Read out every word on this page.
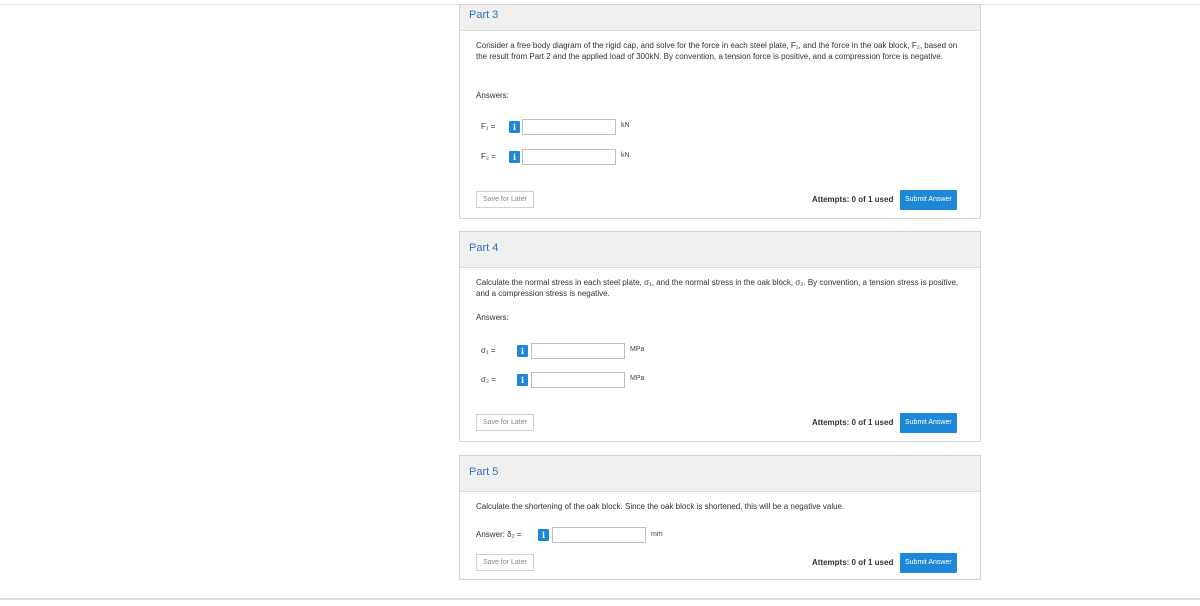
Part 3
Consider a free body diagram of the rigid cap, and solve for the force in each steel plate, F₁, and the force in the oak block, F₂, based on the result from Part 2 and the applied load of 300kN. By convention, a tension force is positive, and a compression force is negative.
Answers:
F₁ =	i	kN
F₂ =	i	kN
Save for Later	Attempts: 0 of 1 used	Submit Answer
Part 4
Calculate the normal stress in each steel plate, σ₁, and the normal stress in the oak block, σ₂. By convention, a tension stress is positive, and a compression stress is negative.
Answers:
σ₁ =	i	MPa
σ₂ =	i	MPa
Save for Later	Attempts: 0 of 1 used	Submit Answer
Part 5
Calculate the shortening of the oak block. Since the oak block is shortened, this will be a negative value.
Answer: δ₂ =	i	mm
Save for Later	Attempts: 0 of 1 used	Submit Answer
